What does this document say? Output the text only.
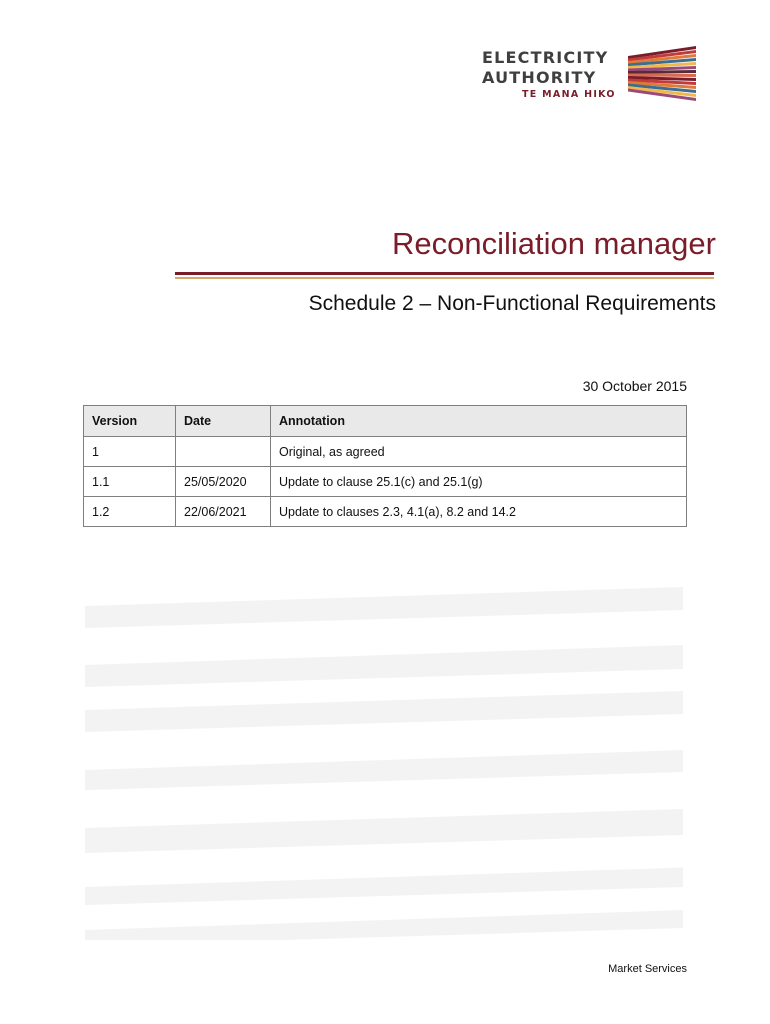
ELECTRICITY
AUTHORITY
TE MANA HIKO
Reconciliation manager
Schedule 2 – Non-Functional Requirements
30 October 2015
Version	Date	Annotation
1		Original, as agreed
1.1	25/05/2020	Update to clause 25.1(c) and 25.1(g)
1.2	22/06/2021	Update to clauses 2.3, 4.1(a), 8.2 and 14.2
Market Services
